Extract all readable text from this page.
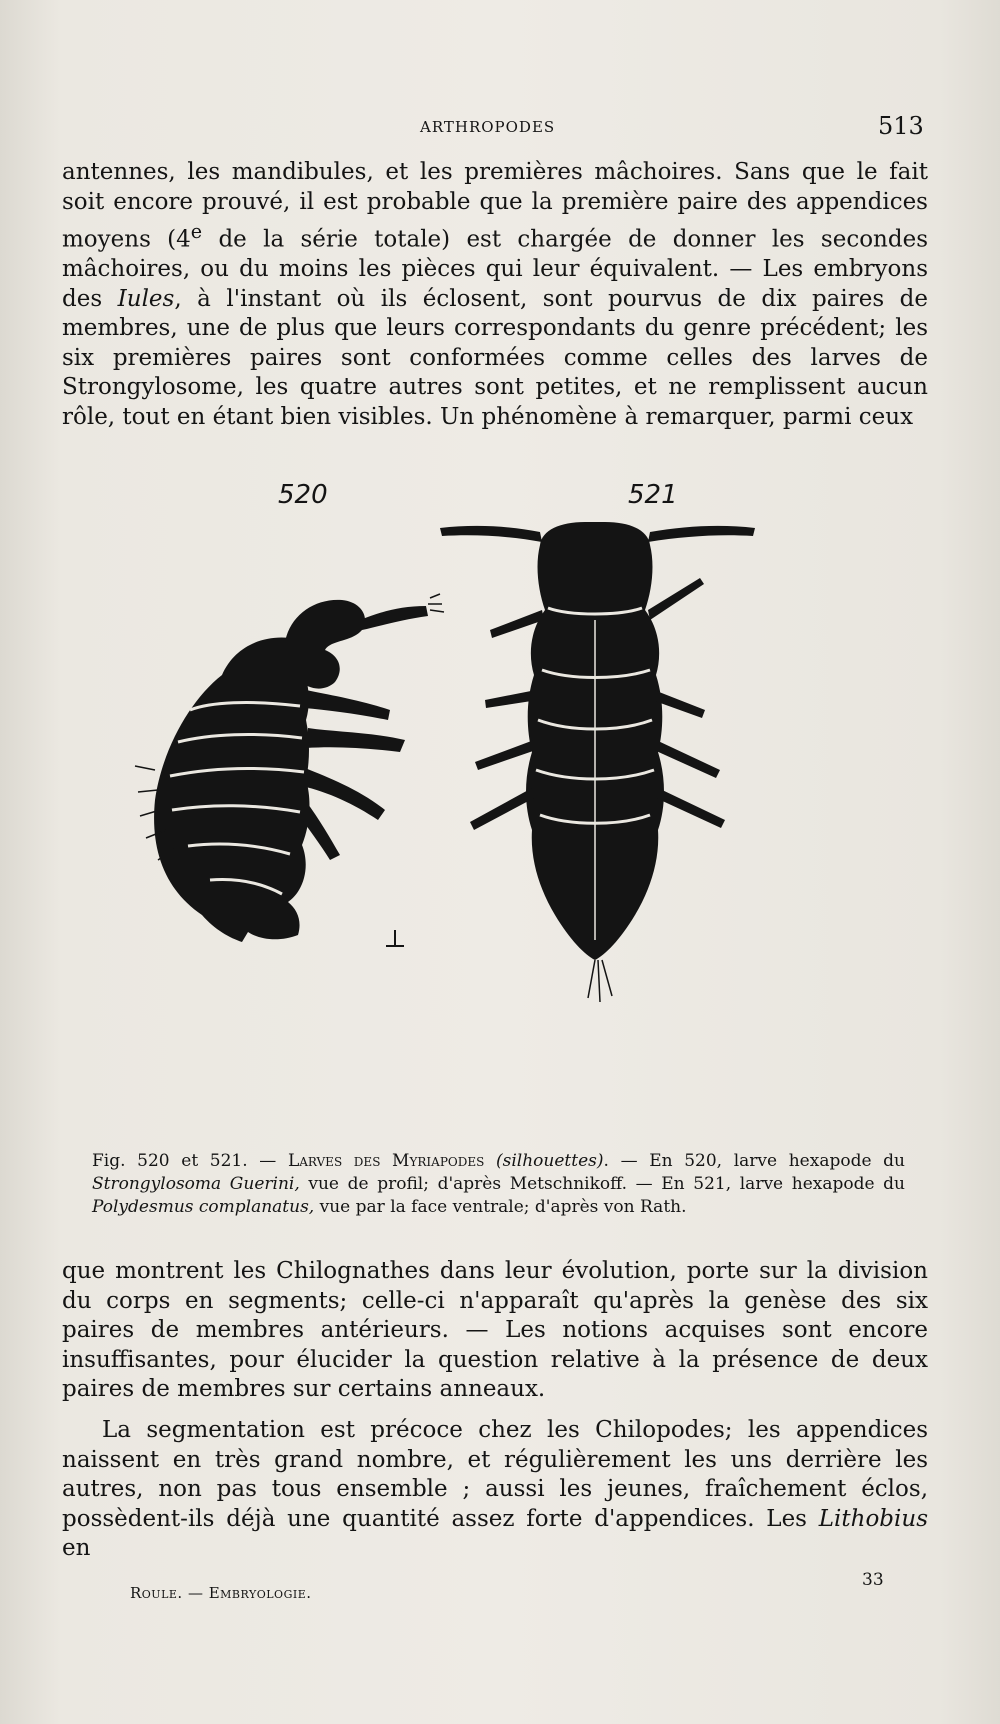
ARTHROPODES	513

antennes, les mandibules, et les premières mâchoires. Sans que le fait soit encore prouvé, il est probable que la première paire des appendices moyens (4e de la série totale) est chargée de donner les secondes mâchoires, ou du moins les pièces qui leur équivalent. — Les embryons des Iules, à l'instant où ils éclosent, sont pourvus de dix paires de membres, une de plus que leurs correspondants du genre précédent; les six premières paires sont conformées comme celles des larves de Strongylosome, les quatre autres sont petites, et ne remplissent aucun rôle, tout en étant bien visibles. Un phénomène à remarquer, parmi ceux

520	521

Fig. 520 et 521. — Larves des Myriapodes (silhouettes). — En 520, larve hexapode du Strongylosoma Guerini, vue de profil; d'après Metschnikoff. — En 521, larve hexapode du Polydesmus complanatus, vue par la face ventrale; d'après von Rath.

que montrent les Chilognathes dans leur évolution, porte sur la division du corps en segments; celle-ci n'apparaît qu'après la genèse des six paires de membres antérieurs. — Les notions acquises sont encore insuffisantes, pour élucider la question relative à la présence de deux paires de membres sur certains anneaux.

La segmentation est précoce chez les Chilopodes; les appendices naissent en très grand nombre, et régulièrement les uns derrière les autres, non pas tous ensemble ; aussi les jeunes, fraîchement éclos, possèdent-ils déjà une quantité assez forte d'appendices. Les Lithobius en

Roule. — Embryologie.
33
